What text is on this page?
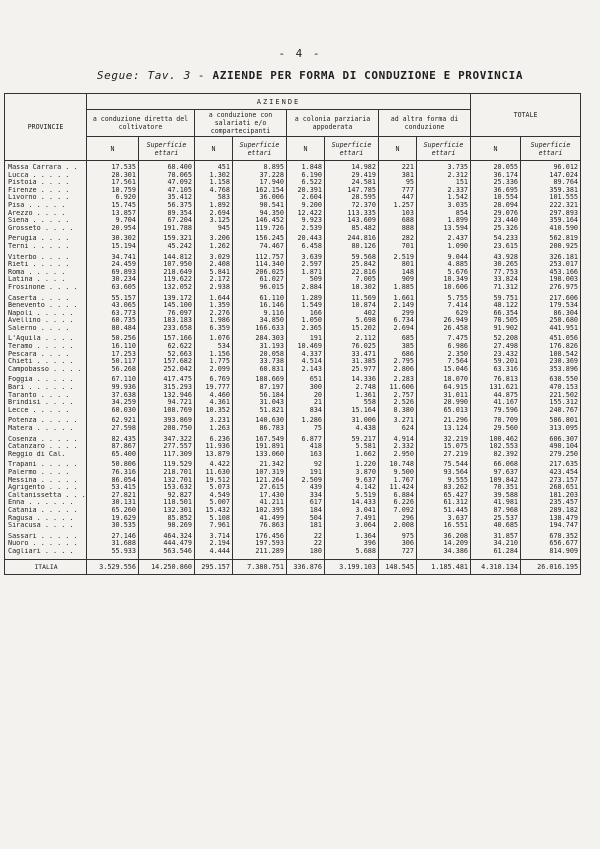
- 4 -
Segue: Tav. 3 - AZIENDE PER FORMA DI CONDUZIONE E PROVINCIA
PROVINCIE	AZIENDE								TOTALE	
	a conduzione diretta del coltivatore		a conduzione con salariati e/o compartecipanti		a colonia parziaria appoderata		ad altra forma di conduzione			
	N	Superficie ettari	N	Superficie ettari	N	Superficie ettari	N	Superficie ettari	N	Superficie ettari

Massa Carrara . .	17.535	68.400	451	8.895	1.848	14.982	221	3.735	20.055	96.012
Lucca . . . . .	28.301	78.065	1.302	37.228	6.190	29.419	381	2.312	36.174	147.024
Pistoia . . . .	17.561	47.092	1.158	17.940	6.522	24.581	95	151	25.336	89.764
Firenze . . . .	10.759	47.105	4.768	162.154	20.391	147.785	777	2.337	36.695	359.381
Livorno . . . .	6.920	35.412	583	36.006	2.604	28.595	447	1.542	10.554	101.555
Pisa . . . . .	15.745	56.375	1.892	90.541	9.200	72.370	1.257	3.035	28.094	222.321
Arezzo . . . .	13.857	89.354	2.694	94.350	12.422	113.335	103	854	29.076	297.893
Siena . . . . .	9.704	67.204	3.125	146.452	9.923	143.609	688	1.899	23.440	359.164
Grosseto . . . .	20.954	191.788	945	119.726	2.539	85.482	888	13.594	25.326	410.590

Perugia . . . .	30.302	159.321	3.206	156.245	20.443	244.816	282	2.437	54.233	562.819
Terni . . . . .	15.194	45.242	1.262	74.467	6.458	80.126	701	1.090	23.615	200.925

Viterbo . . . .	34.741	144.812	3.029	112.757	3.639	59.568	2.519	9.044	43.928	326.181
Rieti . . . . .	24.459	107.950	2.408	114.340	2.597	25.842	801	4.885	30.265	253.017
Roma . . . . .	69.893	218.649	5.841	206.025	1.871	22.816	148	5.676	77.753	453.166
Latina . . . .	30.234	119.622	2.172	61.027	509	7.005	909	10.349	33.824	198.003
Frosinone . . . .	63.605	132.052	2.938	96.015	2.884	18.302	1.885	10.606	71.312	276.975

Caserta . . . .	55.157	139.172	1.644	61.110	1.289	11.569	1.661	5.755	59.751	217.606
Benevento . . . .	43.065	145.100	1.359	16.146	1.549	10.874	2.149	7.414	48.122	179.534
Napoli . . . . .	63.773	76.097	2.276	9.116	166	402	299	629	66.354	86.304
Avellino . . . .	60.735	183.183	1.986	34.850	1.050	5.698	6.734	26.949	70.505	250.680
Salerno . . . .	80.484	233.658	6.359	166.633	2.365	15.202	2.694	26.458	91.902	441.951

L'Aquila . . . .	50.256	157.166	1.076	284.303	191	2.112	685	7.475	52.208	451.056
Teramo . . . . .	16.110	62.622	534	31.193	10.469	76.025	385	6.986	27.498	176.826
Pescara . . . .	17.253	52.663	1.156	20.058	4.337	33.471	686	2.350	23.432	108.542
Chieti . . . . .	50.117	157.682	1.775	33.738	4.514	31.385	2.795	7.564	59.201	230.369
Campobasso . . . .	56.268	252.042	2.099	60.831	2.143	25.977	2.806	15.046	63.316	353.896

Foggia . . . . .	67.110	417.475	6.769	188.669	651	14.336	2.283	18.070	76.813	638.550
Bari . . . . . .	99.936	315.293	19.777	87.197	300	2.748	11.606	64.915	131.621	470.153
Taranto . . . .	37.638	132.946	4.460	56.184	20	1.361	2.757	31.011	44.875	221.502
Brindisi . . . .	34.259	94.721	4.361	31.043	21	558	2.526	28.990	41.167	155.312
Lecce . . . . .	60.030	108.769	10.352	51.821	834	15.164	8.380	65.013	79.596	240.767

Potenza . . . . .	62.921	393.869	3.231	140.630	1.286	31.006	3.271	21.296	70.709	586.801
Matera . . . . .	27.598	208.750	1.263	86.783	75	4.438	624	13.124	29.560	313.095

Cosenza . . . . .	82.435	347.322	6.236	167.549	6.877	59.217	4.914	32.219	100.462	606.307
Catanzaro . . . .	87.867	277.557	11.936	191.891	418	5.581	2.332	15.075	102.553	490.104
Reggio di Cal.	65.400	117.309	13.879	133.060	163	1.662	2.950	27.219	82.392	279.250

Trapani . . . . .	50.806	119.529	4.422	21.342	92	1.220	10.748	75.544	66.068	217.635
Palermo . . . .	76.316	218.701	11.630	107.319	191	3.870	9.500	93.564	97.637	423.454
Messina . . . . .	86.054	132.701	19.512	121.264	2.509	9.637	1.767	9.555	109.842	273.157
Agrigento . . . .	53.415	153.632	5.073	27.615	439	4.142	11.424	83.262	70.351	268.651
Caltanissetta . . .	27.821	92.827	4.549	17.430	334	5.519	6.884	65.427	39.588	181.203
Enna . . . . . .	30.131	118.501	5.007	41.211	617	14.433	6.226	61.312	41.981	235.457
Catania . . . . .	65.260	132.301	15.432	102.395	184	3.041	7.092	51.445	87.968	289.182
Ragusa . . . . .	19.629	85.852	5.108	41.499	504	7.491	296	3.637	25.537	138.479
Siracusa . . . .	30.535	98.269	7.961	76.863	181	3.064	2.008	16.551	40.685	194.747

Sassari . . . . .	27.146	464.324	3.714	176.456	22	1.364	975	36.208	31.857	678.352
Nuoro . . . . . .	31.688	444.479	2.194	197.593	22	396	306	14.209	34.210	656.677
Cagliari . . . .	55.933	563.546	4.444	211.289	180	5.688	727	34.386	61.284	814.909

ITALIA	3.529.556	14.250.860	295.157	7.380.751	336.876	3.199.103	148.545	1.185.481	4.310.134	26.016.195
